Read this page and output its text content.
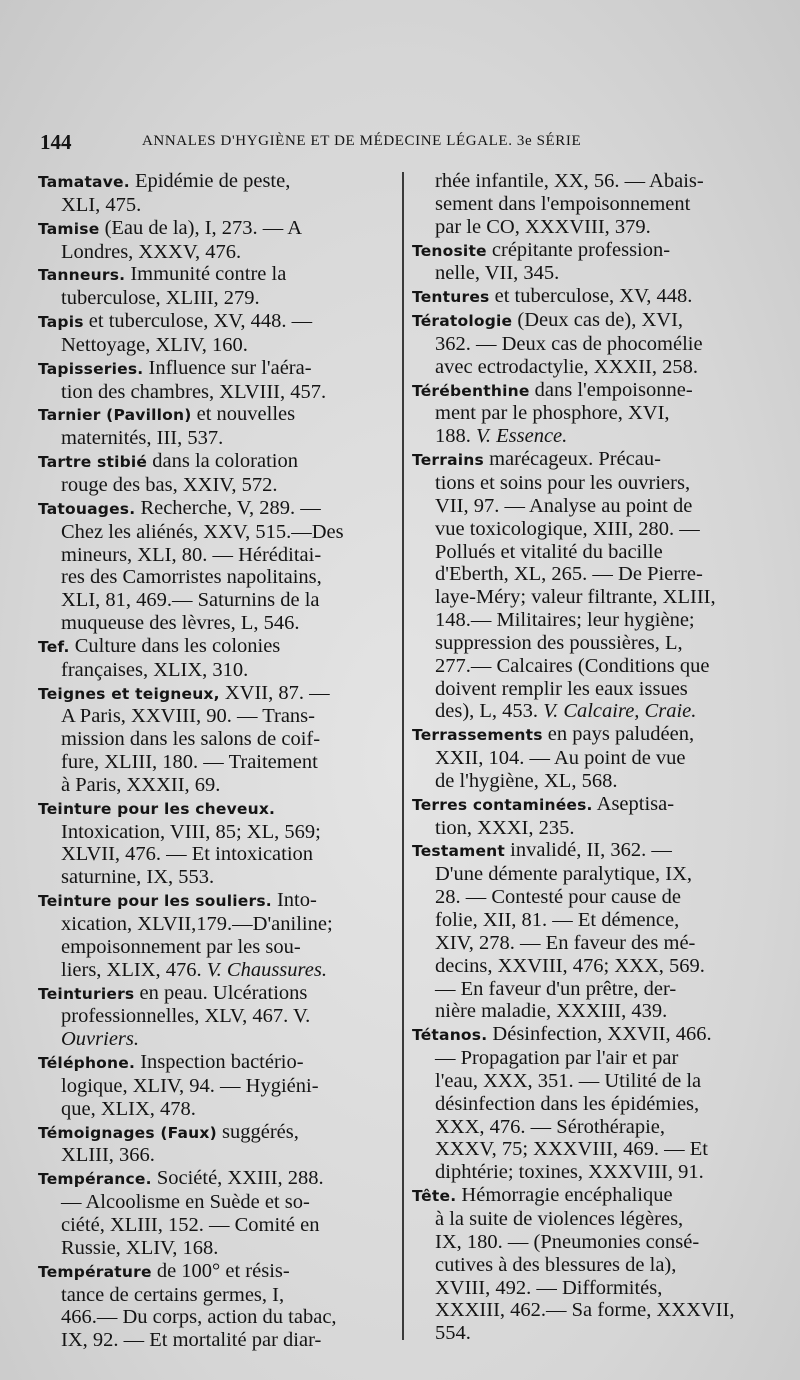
144	ANNALES D'HYGIÈNE ET DE MÉDECINE LÉGALE. 3e SÉRIE
Tamatave. Epidémie de peste,
XLI, 475.
Tamise (Eau de la), I, 273. — A
Londres, XXXV, 476.
Tanneurs. Immunité contre la
tuberculose, XLIII, 279.
Tapis et tuberculose, XV, 448. —
Nettoyage, XLIV, 160.
Tapisseries. Influence sur l'aéra-
tion des chambres, XLVIII, 457.
Tarnier (Pavillon) et nouvelles
maternités, III, 537.
Tartre stibié dans la coloration
rouge des bas, XXIV, 572.
Tatouages. Recherche, V, 289. —
Chez les aliénés, XXV, 515.—Des
mineurs, XLI, 80. — Héréditai-
res des Camorristes napolitains,
XLI, 81, 469.— Saturnins de la
muqueuse des lèvres, L, 546.
Tef. Culture dans les colonies
françaises, XLIX, 310.
Teignes et teigneux, XVII, 87. —
A Paris, XXVIII, 90. — Trans-
mission dans les salons de coif-
fure, XLIII, 180. — Traitement
à Paris, XXXII, 69.
Teinture pour les cheveux.
Intoxication, VIII, 85; XL, 569;
XLVII, 476. — Et intoxication
saturnine, IX, 553.
Teinture pour les souliers. Into-
xication, XLVII,179.—D'aniline;
empoisonnement par les sou-
liers, XLIX, 476. V. Chaussures.
Teinturiers en peau. Ulcérations
professionnelles, XLV, 467. V.
Ouvriers.
Téléphone. Inspection bactério-
logique, XLIV, 94. — Hygiéni-
que, XLIX, 478.
Témoignages (Faux) suggérés,
XLIII, 366.
Tempérance. Société, XXIII, 288.
— Alcoolisme en Suède et so-
ciété, XLIII, 152. — Comité en
Russie, XLIV, 168.
Température de 100° et résis-
tance de certains germes, I,
466.— Du corps, action du tabac,
IX, 92. — Et mortalité par diar-
rhée infantile, XX, 56. — Abais-
sement dans l'empoisonnement
par le CO, XXXVIII, 379.
Tenosite crépitante profession-
nelle, VII, 345.
Tentures et tuberculose, XV, 448.
Tératologie (Deux cas de), XVI,
362. — Deux cas de phocomélie
avec ectrodactylie, XXXII, 258.
Térébenthine dans l'empoisonne-
ment par le phosphore, XVI,
188. V. Essence.
Terrains marécageux. Précau-
tions et soins pour les ouvriers,
VII, 97. — Analyse au point de
vue toxicologique, XIII, 280. —
Pollués et vitalité du bacille
d'Eberth, XL, 265. — De Pierre-
laye-Méry; valeur filtrante, XLIII,
148.— Militaires; leur hygiène;
suppression des poussières, L,
277.— Calcaires (Conditions que
doivent remplir les eaux issues
des), L, 453. V. Calcaire, Craie.
Terrassements en pays paludéen,
XXII, 104. — Au point de vue
de l'hygiène, XL, 568.
Terres contaminées. Aseptisa-
tion, XXXI, 235.
Testament invalidé, II, 362. —
D'une démente paralytique, IX,
28. — Contesté pour cause de
folie, XII, 81. — Et démence,
XIV, 278. — En faveur des mé-
decins, XXVIII, 476; XXX, 569.
— En faveur d'un prêtre, der-
nière maladie, XXXIII, 439.
Tétanos. Désinfection, XXVII, 466.
— Propagation par l'air et par
l'eau, XXX, 351. — Utilité de la
désinfection dans les épidémies,
XXX, 476. — Sérothérapie,
XXXV, 75; XXXVIII, 469. — Et
diphtérie; toxines, XXXVIII, 91.
Tête. Hémorragie encéphalique
à la suite de violences légères,
IX, 180. — (Pneumonies consé-
cutives à des blessures de la),
XVIII, 492. — Difformités,
XXXIII, 462.— Sa forme, XXXVII,
554.
